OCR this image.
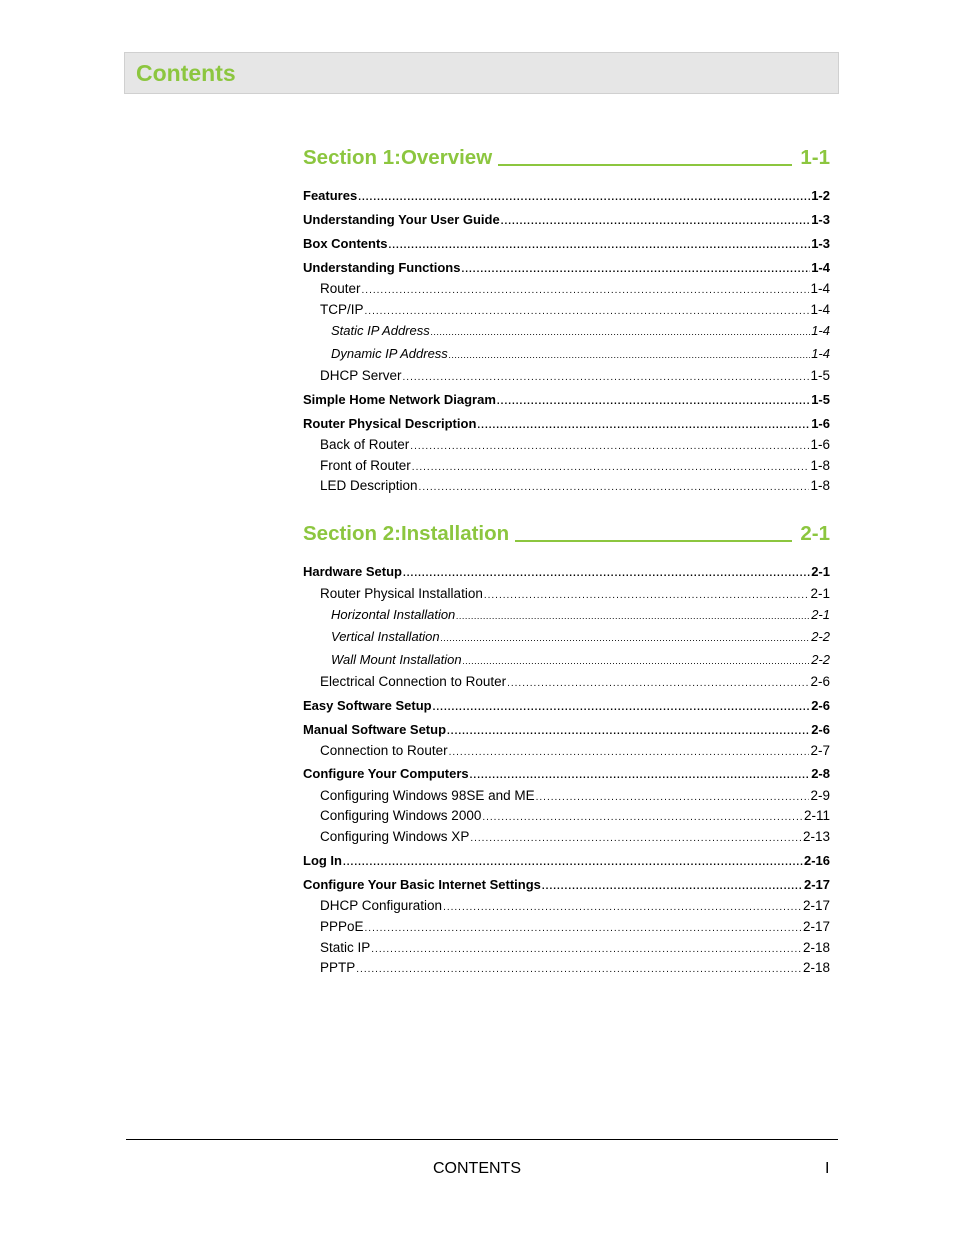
Contents
Section 1:Overview	1-1
Features .....	1-2
Understanding Your User Guide .....	1-3
Box Contents .....	1-3
Understanding Functions .....	1-4
Router .....	1-4
TCP/IP .....	1-4
Static IP Address .....	1-4
Dynamic IP Address .....	1-4
DHCP Server .....	1-5
Simple Home Network Diagram .....	1-5
Router Physical Description .....	1-6
Back of Router .....	1-6
Front of Router .....	1-8
LED Description .....	1-8
Section 2:Installation	2-1
Hardware Setup .....	2-1
Router Physical Installation .....	2-1
Horizontal Installation .....	2-1
Vertical Installation .....	2-2
Wall Mount Installation .....	2-2
Electrical Connection to Router .....	2-6
Easy Software Setup .....	2-6
Manual Software Setup .....	2-6
Connection to Router .....	2-7
Configure Your Computers .....	2-8
Configuring Windows 98SE and ME .....	2-9
Configuring Windows 2000 .....	2-11
Configuring Windows XP .....	2-13
Log In .....	2-16
Configure Your Basic Internet Settings .....	2-17
DHCP Configuration .....	2-17
PPPoE .....	2-17
Static IP .....	2-18
PPTP .....	2-18
CONTENTS	I
